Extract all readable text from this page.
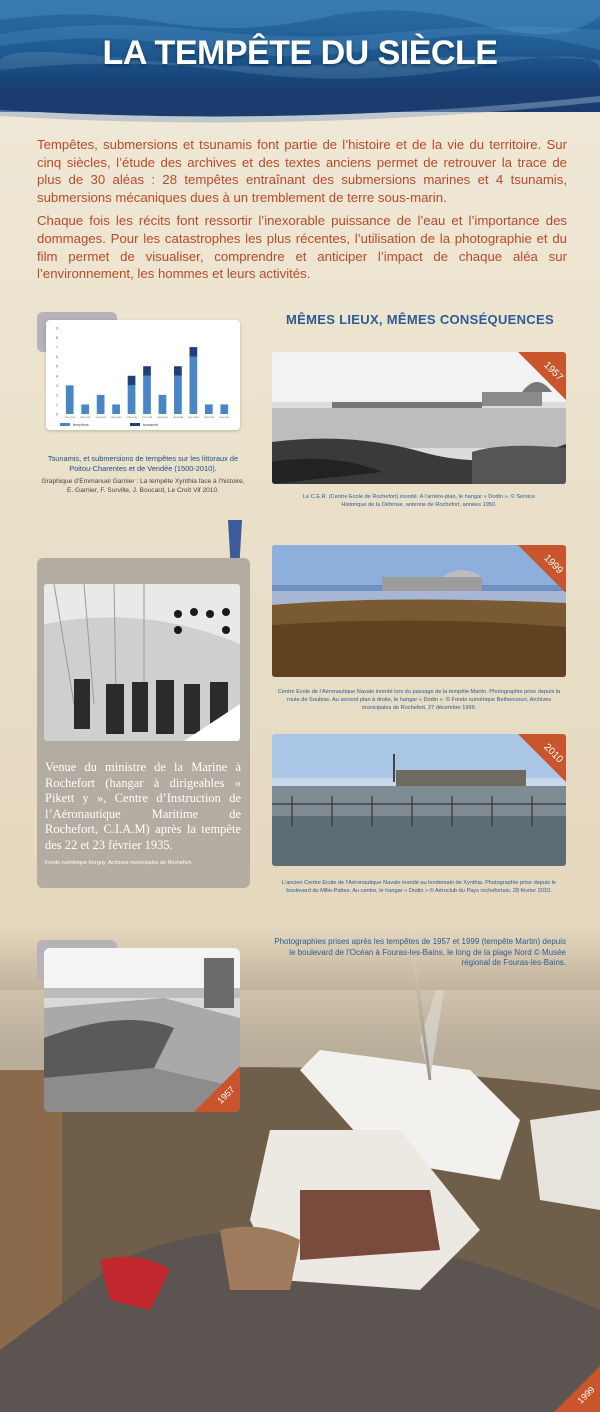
LA TEMPÊTE DU SIÈCLE

Tempêtes, submersions et tsunamis font partie de l’histoire et de la vie du territoire. Sur cinq siècles, l’étude des archives et des textes anciens permet de retrouver la trace de plus de 30 aléas : 28 tempêtes entraînant des submersions marines et 4 tsunamis, submersions mécaniques dues à un tremblement de terre sous-marin.

Chaque fois les récits font ressortir l’inexorable puissance de l’eau et l’importance des dommages. Pour les catastrophes les plus récentes, l’utilisation de la photographie et du film permet de visualiser, comprendre et anticiper l’impact de chaque aléa sur l’environnement, les hommes et leurs activités.

0
1
2
3
4
5
6
7
8
9
1500-1549	1550-1599	1600-1649	1650-1699	1700-1749	1750-1799	1800-1849	1850-1899	1900-1949	1950-1999	2000-2010
tempêtes	tsunamis
Tsunamis, et submersions de tempêtes sur les littoraux de Poitou-Charentes et de Vendée (1500-2010).
Graphique d’Emmanuel Garnier : La tempête Xynthia face à l’histoire, E. Garnier, F. Surville, J. Boucard, Le Croît Vif 2010.
MÊMES LIEUX, MÊMES CONSÉQUENCES
1957
Le C.E.R. (Centre Ecole de Rochefort) inondé. A l’arrière-plan, le hangar « Dodin ». © Service Historique de la Défense, antenne de Rochefort, années 1950.
Venue du ministre de la Marine à Rochefort (hangar à dirigeables « Pikett y », Centre d’Instruction de l’Aéronautique Maritime de Rochefort, C.I.A.M) après la tempête des 22 et 23 février 1935.
Fonds numérique Kerguy, Archives municipales de Rochefort.
1999
Centre Ecole de l’Aéronautique Navale inondé lors du passage de la tempête Martin. Photographie prise depuis la route de Soubise. Au second plan à droite, le hangar « Dodin ». © Fonds numérique Bethencourt, Archives municipales de Rochefort, 27 décembre 1999.
2010
L’ancien Centre Ecole de l’Aéronautique Navale inondé au lendemain de Xynthia. Photographie prise depuis le boulevard du Mille-Pattes. Au centre, le hangar « Dodin » © Aéroclub du Pays rochefortais, 28 février 2010.
Photographies prises après les tempêtes de 1957 et 1999 (tempête Martin) depuis le boulevard de l’Océan à Fouras-les-Bains, le long de la plage Nord © Musée régional de Fouras-les-Bains.
1957
1999
